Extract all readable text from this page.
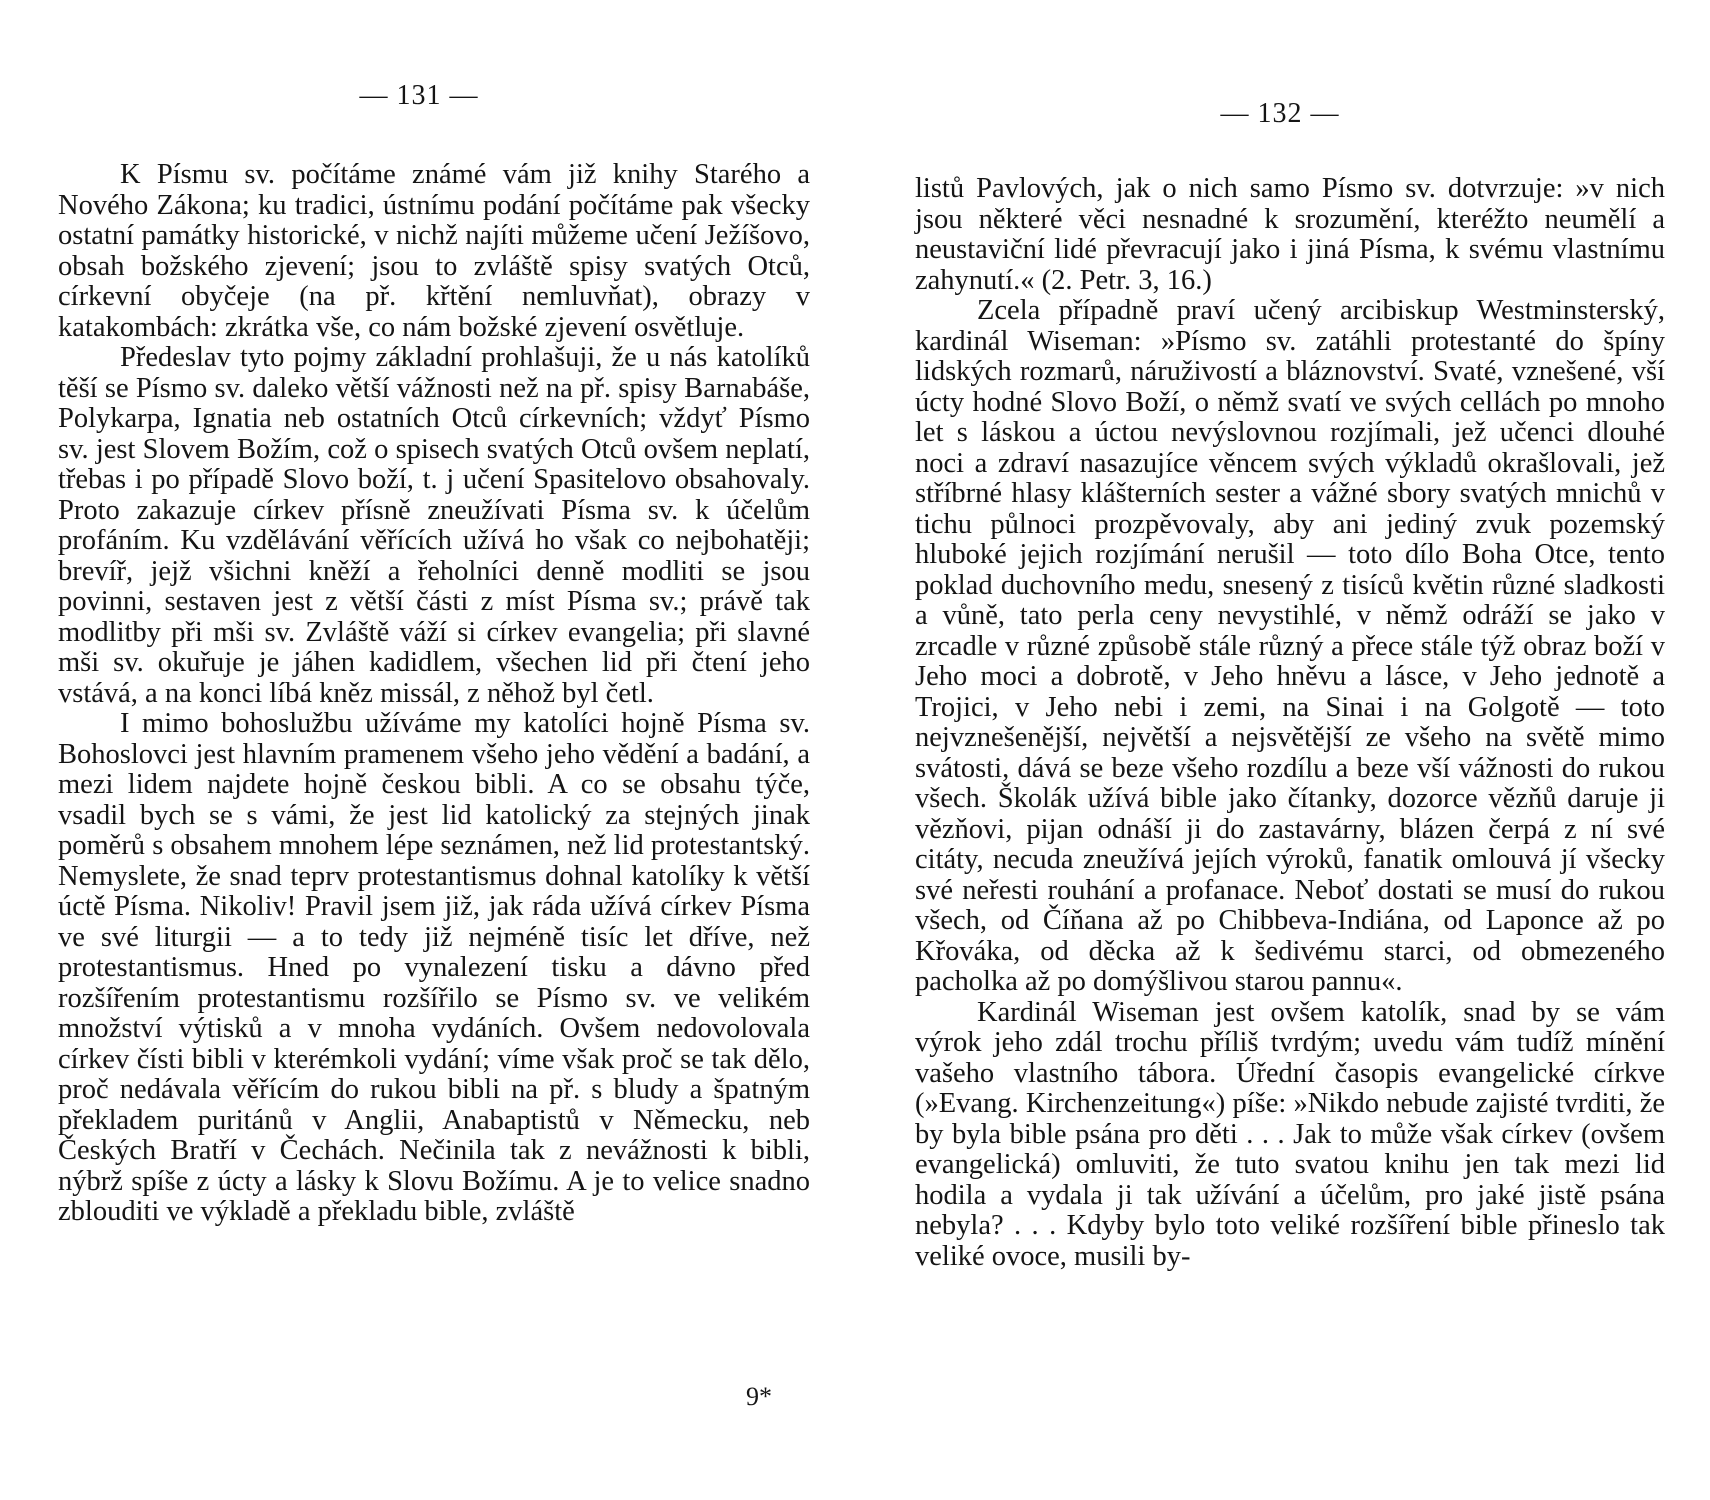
— 131 —

K Písmu sv. počítáme známé vám již knihy Starého a Nového Zákona; ku tradici, ústnímu podání počítáme pak všecky ostatní památky historické, v nichž najíti můžeme učení Ježíšovo, obsah božského zjevení; jsou to zvláště spisy svatých Otců, církevní obyčeje (na př. křtění nemluvňat), obrazy v katakombách: zkrátka vše, co nám božské zjevení osvětluje.

Předeslav tyto pojmy základní prohlašuji, že u nás katolíků těší se Písmo sv. daleko větší vážnosti než na př. spisy Barnabáše, Polykarpa, Ignatia neb ostatních Otců církevních; vždyť Písmo sv. jest Slovem Božím, což o spisech svatých Otců ovšem neplatí, třebas i po případě Slovo boží, t. j učení Spasitelovo obsahovaly. Proto zakazuje církev přísně zneužívati Písma sv. k účelům profáním. Ku vzdělávání věřících užívá ho však co nejbohatěji; brevíř, jejž všichni kněží a řeholníci denně modliti se jsou povinni, sestaven jest z větší části z míst Písma sv.; právě tak modlitby při mši sv. Zvláště váží si církev evangelia; při slavné mši sv. okuřuje je jáhen kadidlem, všechen lid při čtení jeho vstává, a na konci líbá kněz missál, z něhož byl četl.

I mimo bohoslužbu užíváme my katolíci hojně Písma sv. Bohoslovci jest hlavním pramenem všeho jeho vědění a badání, a mezi lidem najdete hojně českou bibli. A co se obsahu týče, vsadil bych se s vámi, že jest lid katolický za stejných jinak poměrů s obsahem mnohem lépe seznámen, než lid protestantský. Nemyslete, že snad teprv protestantismus dohnal katolíky k větší úctě Písma. Nikoliv! Pravil jsem již, jak ráda užívá církev Písma ve své liturgii — a to tedy již nejméně tisíc let dříve, než protestantismus. Hned po vynalezení tisku a dávno před rozšířením protestantismu rozšířilo se Písmo sv. ve velikém množství výtisků a v mnoha vydáních. Ovšem nedovolovala církev čísti bibli v kterémkoli vydání; víme však proč se tak dělo, proč nedávala věřícím do rukou bibli na př. s bludy a špatným překladem puritánů v Anglii, Anabaptistů v Německu, neb Českých Bratří v Čechách. Nečinila tak z nevážnosti k bibli, nýbrž spíše z úcty a lásky k Slovu Božímu. A je to velice snadno zblouditi ve výkladě a překladu bible, zvláště

9*
— 132 —

listů Pavlových, jak o nich samo Písmo sv. dotvrzuje: »v nich jsou některé věci nesnadné k srozumění, kteréžto neumělí a neustaviční lidé převracují jako i jiná Písma, k svému vlastnímu zahynutí.« (2. Petr. 3, 16.)

Zcela případně praví učený arcibiskup Westminsterský, kardinál Wiseman: »Písmo sv. zatáhli protestanté do špíny lidských rozmarů, náruživostí a bláznovství. Svaté, vznešené, vší úcty hodné Slovo Boží, o němž svatí ve svých cellách po mnoho let s láskou a úctou nevýslovnou rozjímali, jež učenci dlouhé noci a zdraví nasazujíce věncem svých výkladů okrašlovali, jež stříbrné hlasy klášterních sester a vážné sbory svatých mnichů v tichu půlnoci prozpěvovaly, aby ani jediný zvuk pozemský hluboké jejich rozjímání nerušil — toto dílo Boha Otce, tento poklad duchovního medu, snesený z tisíců květin různé sladkosti a vůně, tato perla ceny nevystihlé, v němž odráží se jako v zrcadle v různé způsobě stále různý a přece stále týž obraz boží v Jeho moci a dobrotě, v Jeho hněvu a lásce, v Jeho jednotě a Trojici, v Jeho nebi i zemi, na Sinai i na Golgotě — toto nejvznešenější, největší a nejsvětější ze všeho na světě mimo svátosti, dává se beze všeho rozdílu a beze vší vážnosti do rukou všech. Školák užívá bible jako čítanky, dozorce vězňů daruje ji vězňovi, pijan odnáší ji do zastavárny, blázen čerpá z ní své citáty, necuda zneužívá jejích výroků, fanatik omlouvá jí všecky své neřesti rouhání a profanace. Neboť dostati se musí do rukou všech, od Číňana až po Chibbeva-Indiána, od Laponce až po Křováka, od děcka až k šedivému starci, od obmezeného pacholka až po domýšlivou starou pannu«.

Kardinál Wiseman jest ovšem katolík, snad by se vám výrok jeho zdál trochu příliš tvrdým; uvedu vám tudíž mínění vašeho vlastního tábora. Úřední časopis evangelické církve (»Evang. Kirchenzeitung«) píše: »Nikdo nebude zajisté tvrditi, že by byla bible psána pro děti . . . Jak to může však církev (ovšem evangelická) omluviti, že tuto svatou knihu jen tak mezi lid hodila a vydala ji tak užívání a účelům, pro jaké jistě psána nebyla? . . . Kdyby bylo toto veliké rozšíření bible přineslo tak veliké ovoce, musili by-
